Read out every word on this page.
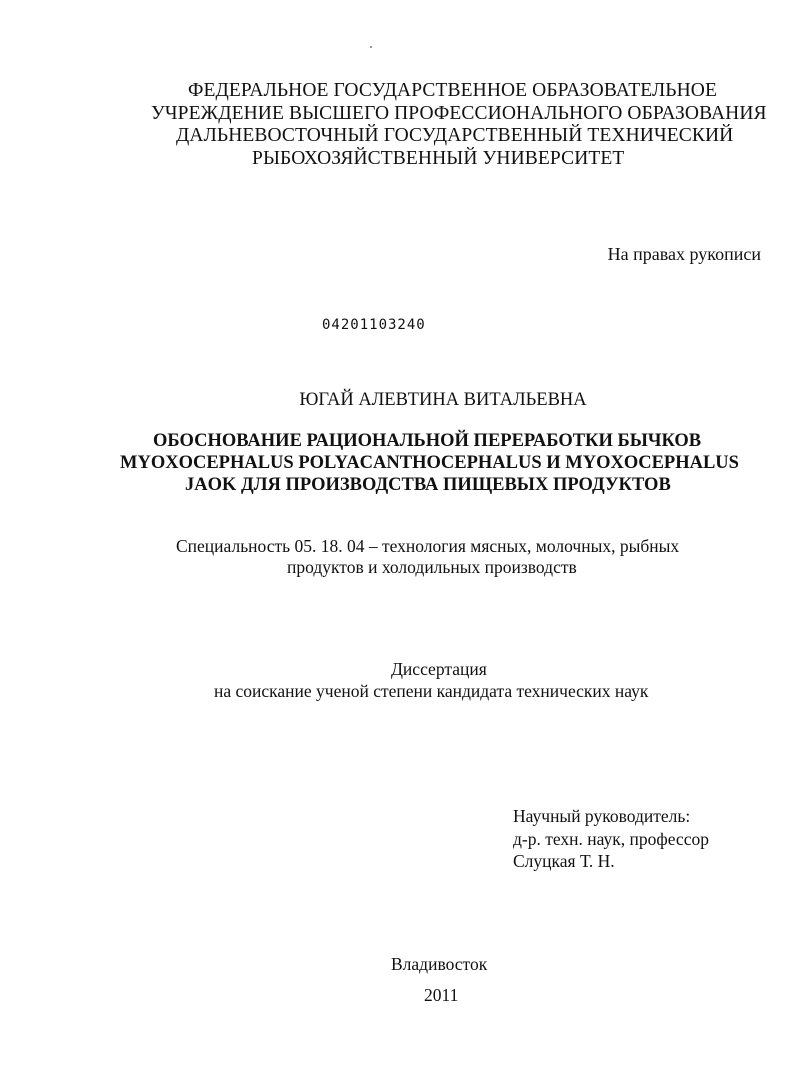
ФЕДЕРАЛЬНОЕ ГОСУДАРСТВЕННОЕ ОБРАЗОВАТЕЛЬНОЕ
УЧРЕЖДЕНИЕ ВЫСШЕГО ПРОФЕССИОНАЛЬНОГО ОБРАЗОВАНИЯ
ДАЛЬНЕВОСТОЧНЫЙ ГОСУДАРСТВЕННЫЙ ТЕХНИЧЕСКИЙ
РЫБОХОЗЯЙСТВЕННЫЙ УНИВЕРСИТЕТ
На правах рукописи
04201103240
ЮГАЙ АЛЕВТИНА ВИТАЛЬЕВНА
ОБОСНОВАНИЕ РАЦИОНАЛЬНОЙ ПЕРЕРАБОТКИ БЫЧКОВ
MYOXOCEPHALUS POLYACANTHOCEPHALUS И MYOXOCEPHALUS
JAOK ДЛЯ ПРОИЗВОДСТВА ПИЩЕВЫХ ПРОДУКТОВ
Специальность 05. 18. 04 – технология мясных, молочных, рыбных
продуктов и холодильных производств
Диссертация
на соискание ученой степени кандидата технических наук
Научный руководитель:
д-р. техн. наук, профессор
Слуцкая Т. Н.
Владивосток
2011
